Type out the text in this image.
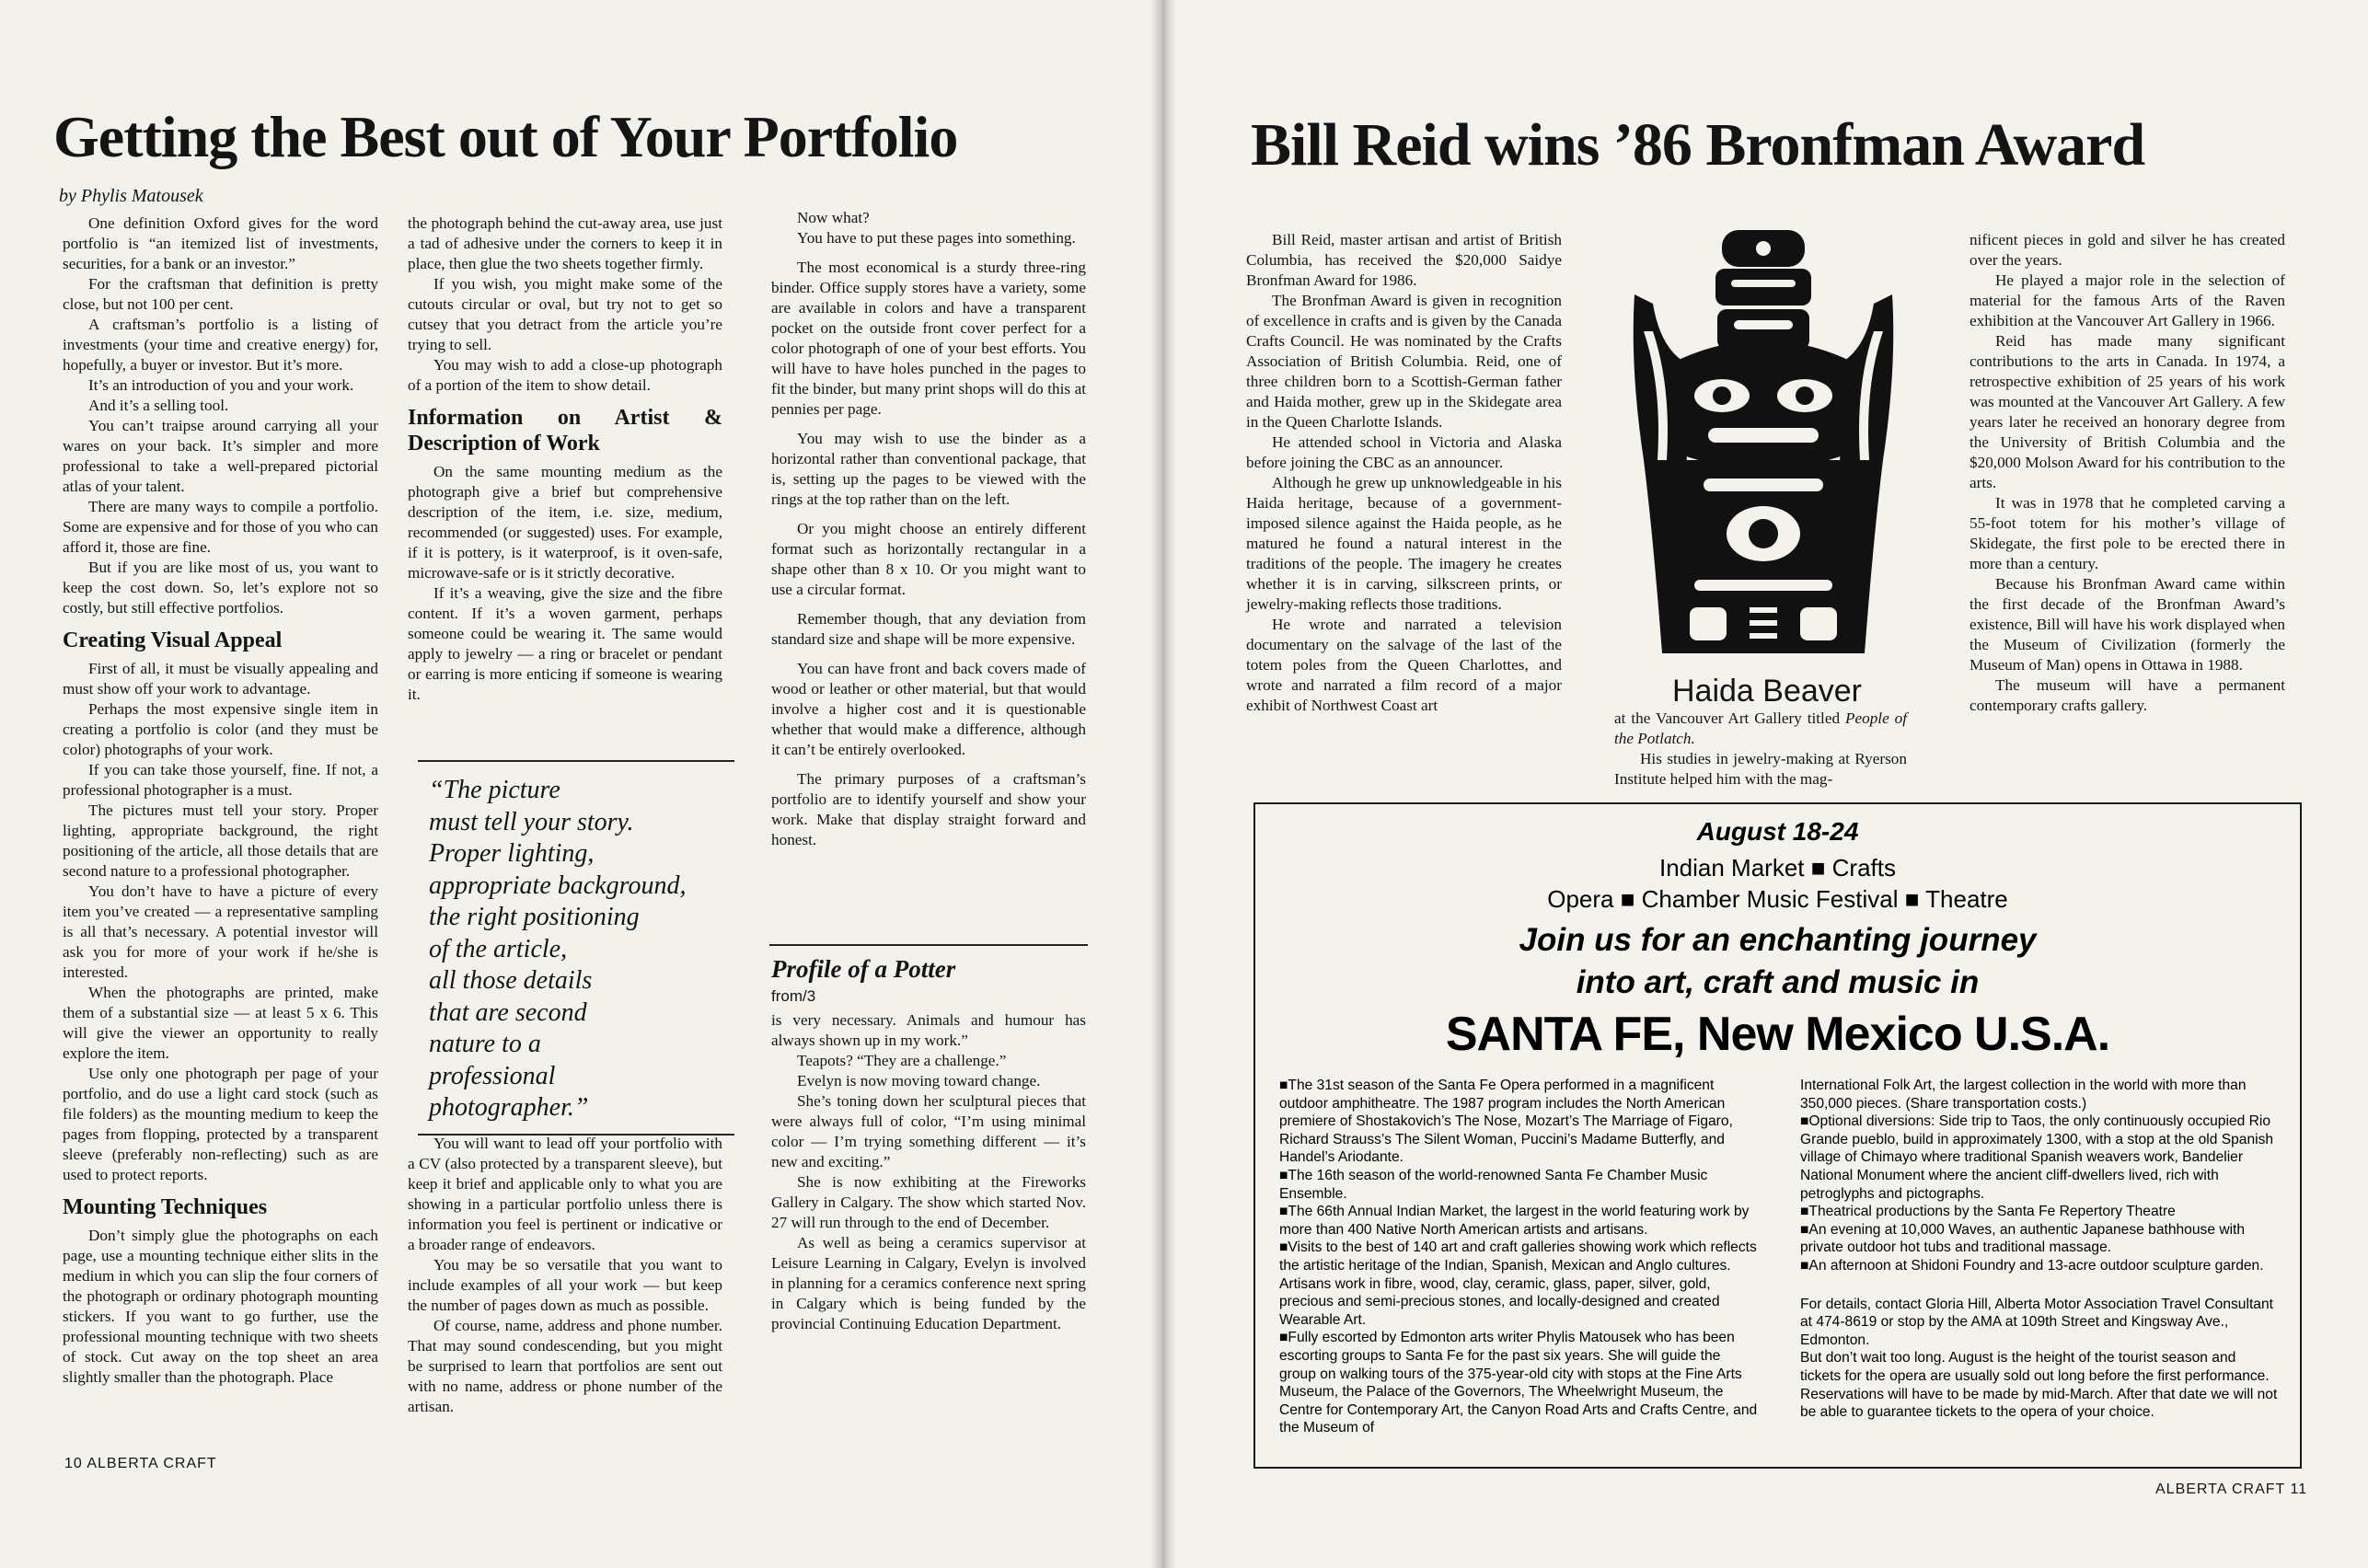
Getting the Best out of Your Portfolio
by Phylis Matousek

One definition Oxford gives for the word portfolio is “an itemized list of investments, securities, for a bank or an investor.”

For the craftsman that definition is pretty close, but not 100 per cent.

A craftsman’s portfolio is a listing of investments (your time and creative energy) for, hopefully, a buyer or investor. But it’s more.

It’s an introduction of you and your work.

And it’s a selling tool.

You can’t traipse around carrying all your wares on your back. It’s simpler and more professional to take a well-prepared pictorial atlas of your talent.

There are many ways to compile a portfolio. Some are expensive and for those of you who can afford it, those are fine.

But if you are like most of us, you want to keep the cost down. So, let’s explore not so costly, but still effective portfolios.

Creating Visual Appeal

First of all, it must be visually appealing and must show off your work to advantage.

Perhaps the most expensive single item in creating a portfolio is color (and they must be color) photographs of your work.

If you can take those yourself, fine. If not, a professional photographer is a must.

The pictures must tell your story. Proper lighting, appropriate background, the right positioning of the article, all those details that are second nature to a professional photographer.

You don’t have to have a picture of every item you’ve created — a representative sampling is all that’s necessary. A potential investor will ask you for more of your work if he/she is interested.

When the photographs are printed, make them of a substantial size — at least 5 x 6. This will give the viewer an opportunity to really explore the item.

Use only one photograph per page of your portfolio, and do use a light card stock (such as file folders) as the mounting medium to keep the pages from flopping, protected by a transparent sleeve (preferably non-reflecting) such as are used to protect reports.

Mounting Techniques

Don’t simply glue the photographs on each page, use a mounting technique either slits in the medium in which you can slip the four corners of the photograph or ordinary photograph mounting stickers. If you want to go further, use the professional mounting technique with two sheets of stock. Cut away on the top sheet an area slightly smaller than the photograph. Place

the photograph behind the cut-away area, use just a tad of adhesive under the corners to keep it in place, then glue the two sheets together firmly.

If you wish, you might make some of the cutouts circular or oval, but try not to get so cutsey that you detract from the article you’re trying to sell.

You may wish to add a close-up photograph of a portion of the item to show detail.

Information on Artist & Description of Work

On the same mounting medium as the photograph give a brief but comprehensive description of the item, i.e. size, medium, recommended (or suggested) uses. For example, if it is pottery, is it waterproof, is it oven-safe, microwave-safe or is it strictly decorative.

If it’s a weaving, give the size and the fibre content. If it’s a woven garment, perhaps someone could be wearing it. The same would apply to jewelry — a ring or bracelet or pendant or earring is more enticing if someone is wearing it.

“The picture
must tell your story.
Proper lighting,
appropriate background,
the right positioning
of the article,
all those details
that are second
nature to a
professional
photographer.”

You will want to lead off your portfolio with a CV (also protected by a transparent sleeve), but keep it brief and applicable only to what you are showing in a particular portfolio unless there is information you feel is pertinent or indicative or a broader range of endeavors.

You may be so versatile that you want to include examples of all your work — but keep the number of pages down as much as possible.

Of course, name, address and phone number. That may sound condescending, but you might be surprised to learn that portfolios are sent out with no name, address or phone number of the artisan.

Now what?

You have to put these pages into something.

The most economical is a sturdy three-ring binder. Office supply stores have a variety, some are available in colors and have a transparent pocket on the outside front cover perfect for a color photograph of one of your best efforts. You will have to have holes punched in the pages to fit the binder, but many print shops will do this at pennies per page.

You may wish to use the binder as a horizontal rather than conventional package, that is, setting up the pages to be viewed with the rings at the top rather than on the left.

Or you might choose an entirely different format such as horizontally rectangular in a shape other than 8 x 10. Or you might want to use a circular format.

Remember though, that any deviation from standard size and shape will be more expensive.

You can have front and back covers made of wood or leather or other material, but that would involve a higher cost and it is questionable whether that would make a difference, although it can’t be entirely overlooked.

The primary purposes of a craftsman’s portfolio are to identify yourself and show your work. Make that display straight forward and honest.

Profile of a Potter
from/3

is very necessary. Animals and humour has always shown up in my work.”

Teapots? “They are a challenge.”

Evelyn is now moving toward change.

She’s toning down her sculptural pieces that were always full of color, “I’m using minimal color — I’m trying something different — it’s new and exciting.”

She is now exhibiting at the Fireworks Gallery in Calgary. The show which started Nov. 27 will run through to the end of December.

As well as being a ceramics supervisor at Leisure Learning in Calgary, Evelyn is involved in planning for a ceramics conference next spring in Calgary which is being funded by the provincial Continuing Education Department.

10 ALBERTA CRAFT
Bill Reid wins ’86 Bronfman Award

Bill Reid, master artisan and artist of British Columbia, has received the $20,000 Saidye Bronfman Award for 1986.

The Bronfman Award is given in recognition of excellence in crafts and is given by the Canada Crafts Council. He was nominated by the Crafts Association of British Columbia. Reid, one of three children born to a Scottish-German father and Haida mother, grew up in the Skidegate area in the Queen Charlotte Islands.

He attended school in Victoria and Alaska before joining the CBC as an announcer.

Although he grew up unknowledgeable in his Haida heritage, because of a government-imposed silence against the Haida people, as he matured he found a natural interest in the traditions of the people. The imagery he creates whether it is in carving, silkscreen prints, or jewelry-making reflects those traditions.

He wrote and narrated a television documentary on the salvage of the last of the totem poles from the Queen Charlottes, and wrote and narrated a film record of a major exhibit of Northwest Coast art	Haida Beaver

at the Vancouver Art Gallery titled People of the Potlatch.

His studies in jewelry-making at Ryerson Institute helped him with the mag-

nificent pieces in gold and silver he has created over the years.

He played a major role in the selection of material for the famous Arts of the Raven exhibition at the Vancouver Art Gallery in 1966.

Reid has made many significant contributions to the arts in Canada. In 1974, a retrospective exhibition of 25 years of his work was mounted at the Vancouver Art Gallery. A few years later he received an honorary degree from the University of British Columbia and the $20,000 Molson Award for his contribution to the arts.

It was in 1978 that he completed carving a 55-foot totem for his mother’s village of Skidegate, the first pole to be erected there in more than a century.

Because his Bronfman Award came within the first decade of the Bronfman Award’s existence, Bill will have his work displayed when the Museum of Civilization (formerly the Museum of Man) opens in Ottawa in 1988.

The museum will have a permanent contemporary crafts gallery.

ALBERTA CRAFT 11
August 18-24
Indian Market ■ Crafts
Opera ■ Chamber Music Festival ■ Theatre
Join us for an enchanting journey
into art, craft and music in
SANTA FE, New Mexico U.S.A.

■The 31st season of the Santa Fe Opera performed in a magnificent outdoor amphitheatre. The 1987 program includes the North American premiere of Shostakovich’s The Nose, Mozart’s The Marriage of Figaro, Richard Strauss’s The Silent Woman, Puccini’s Madame Butterfly, and Handel’s Ariodante.

■The 16th season of the world-renowned Santa Fe Chamber Music Ensemble.

■The 66th Annual Indian Market, the largest in the world featuring work by more than 400 Native North American artists and artisans.

■Visits to the best of 140 art and craft galleries showing work which reflects the artistic heritage of the Indian, Spanish, Mexican and Anglo cultures. Artisans work in fibre, wood, clay, ceramic, glass, paper, silver, gold, precious and semi-precious stones, and locally-designed and created Wearable Art.

■Fully escorted by Edmonton arts writer Phylis Matousek who has been escorting groups to Santa Fe for the past six years. She will guide the group on walking tours of the 375-year-old city with stops at the Fine Arts Museum, the Palace of the Governors, The Wheelwright Museum, the Centre for Contemporary Art, the Canyon Road Arts and Crafts Centre, and the Museum of

International Folk Art, the largest collection in the world with more than 350,000 pieces. (Share transportation costs.)

■Optional diversions: Side trip to Taos, the only continuously occupied Rio Grande pueblo, build in approximately 1300, with a stop at the old Spanish village of Chimayo where traditional Spanish weavers work, Bandelier National Monument where the ancient cliff-dwellers lived, rich with petroglyphs and pictographs.

■Theatrical productions by the Santa Fe Repertory Theatre

■An evening at 10,000 Waves, an authentic Japanese bathhouse with private outdoor hot tubs and traditional massage.

■An afternoon at Shidoni Foundry and 13-acre outdoor sculpture garden.

For details, contact Gloria Hill, Alberta Motor Association Travel Consultant at 474-8619 or stop by the AMA at 109th Street and Kingsway Ave., Edmonton.

But don’t wait too long. August is the height of the tourist season and tickets for the opera are usually sold out long before the first performance. Reservations will have to be made by mid-March. After that date we will not be able to guarantee tickets to the opera of your choice.
